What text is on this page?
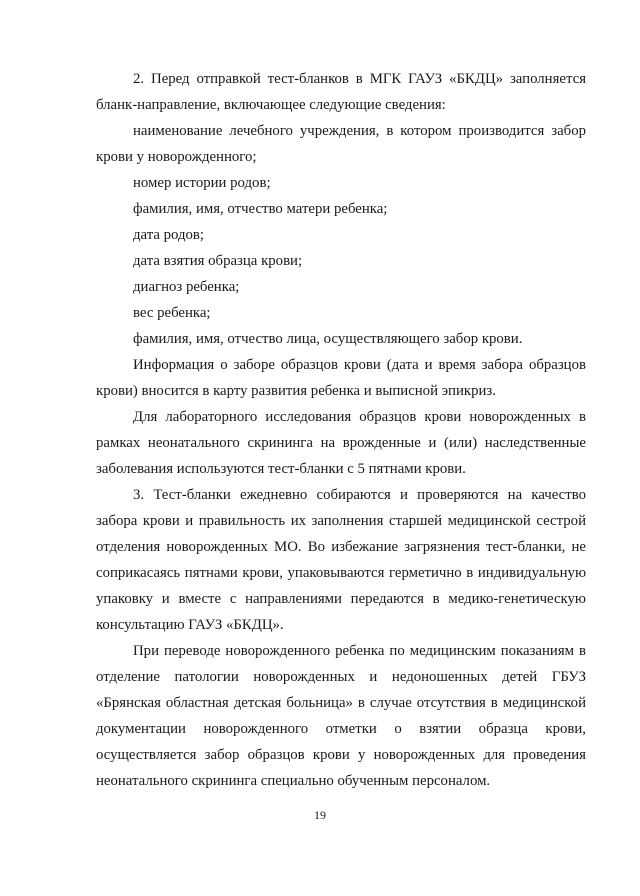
2. Перед отправкой тест-бланков в МГК ГАУЗ «БКДЦ» заполняется бланк-направление, включающее следующие сведения:

наименование лечебного учреждения, в котором производится забор крови у новорожденного;

номер истории родов;

фамилия, имя, отчество матери ребенка;

дата родов;

дата взятия образца крови;

диагноз ребенка;

вес ребенка;

фамилия, имя, отчество лица, осуществляющего забор крови.

Информация о заборе образцов крови (дата и время забора образцов крови) вносится в карту развития ребенка и выписной эпикриз.

Для лабораторного исследования образцов крови новорожденных в рамках неонатального скрининга на врожденные и (или) наследственные заболевания используются тест-бланки с 5 пятнами крови.

3. Тест-бланки ежедневно собираются и проверяются на качество забора крови и правильность их заполнения старшей медицинской сестрой отделения новорожденных МО. Во избежание загрязнения тест-бланки, не соприкасаясь пятнами крови, упаковываются герметично в индивидуальную упаковку и вместе с направлениями передаются в медико-генетическую консультацию ГАУЗ «БКДЦ».

При переводе новорожденного ребенка по медицинским показаниям в отделение патологии новорожденных и недоношенных детей ГБУЗ «Брянская областная детская больница» в случае отсутствия в медицинской документации новорожденного отметки о взятии образца крови, осуществляется забор образцов крови у новорожденных для проведения неонатального скрининга специально обученным персоналом.

19
